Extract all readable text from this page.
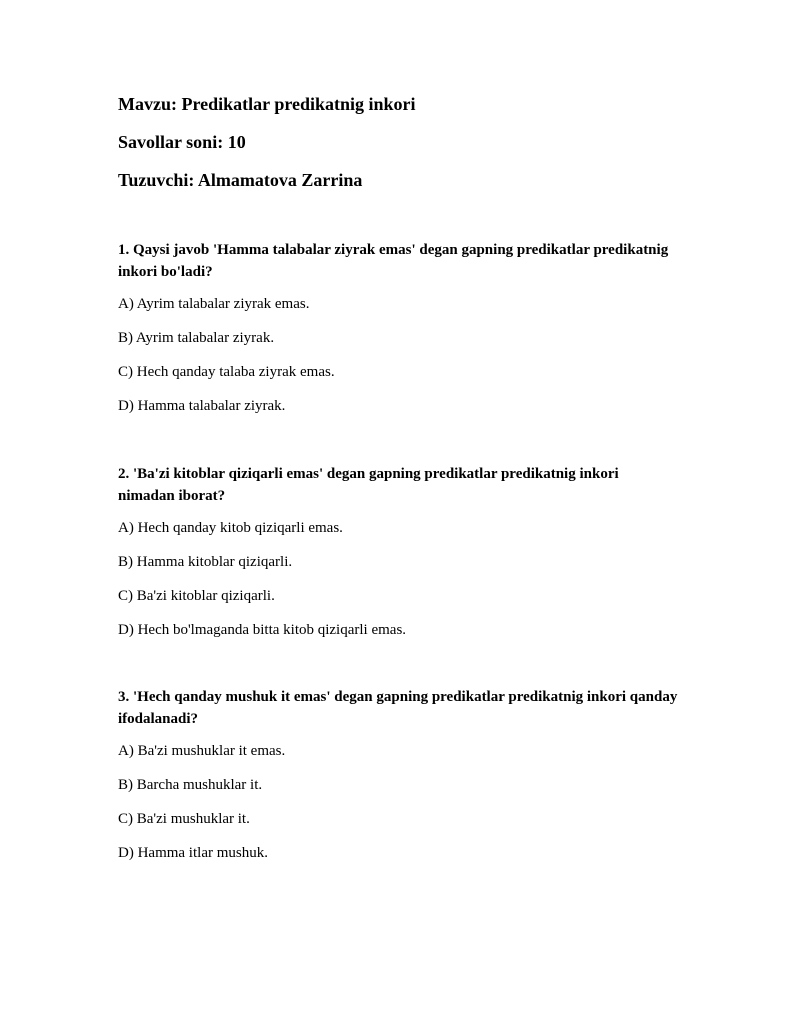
Mavzu: Predikatlar predikatnig inkori
Savollar soni: 10
Tuzuvchi: Almamatova Zarrina

1. Qaysi javob 'Hamma talabalar ziyrak emas' degan gapning predikatlar predikatnig inkori bo'ladi?

A) Ayrim talabalar ziyrak emas.
B) Ayrim talabalar ziyrak.
C) Hech qanday talaba ziyrak emas.
D) Hamma talabalar ziyrak.

2. 'Ba'zi kitoblar qiziqarli emas' degan gapning predikatlar predikatnig inkori nimadan iborat?

A) Hech qanday kitob qiziqarli emas.
B) Hamma kitoblar qiziqarli.
C) Ba'zi kitoblar qiziqarli.
D) Hech bo'lmaganda bitta kitob qiziqarli emas.

3. 'Hech qanday mushuk it emas' degan gapning predikatlar predikatnig inkori qanday ifodalanadi?

A) Ba'zi mushuklar it emas.
B) Barcha mushuklar it.
C) Ba'zi mushuklar it.
D) Hamma itlar mushuk.
